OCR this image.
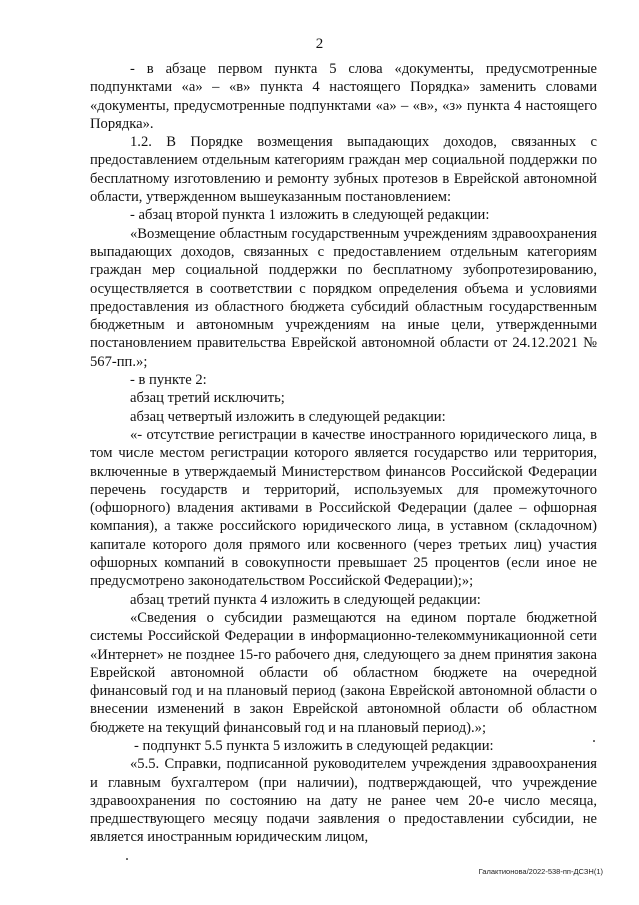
2

- в абзаце первом пункта 5 слова «документы, предусмотренные подпунктами «а» – «в» пункта 4 настоящего Порядка» заменить словами «документы, предусмотренные подпунктами «а» – «в», «з» пункта 4 настоящего Порядка».

1.2. В Порядке возмещения выпадающих доходов, связанных с предоставлением отдельным категориям граждан мер социальной поддержки по бесплатному изготовлению и ремонту зубных протезов в Еврейской автономной области, утвержденном вышеуказанным постановлением:

- абзац второй пункта 1 изложить в следующей редакции:

«Возмещение областным государственным учреждениям здравоохранения выпадающих доходов, связанных с предоставлением отдельным категориям граждан мер социальной поддержки по бесплатному зубопротезированию, осуществляется в соответствии с порядком определения объема и условиями предоставления из областного бюджета субсидий областным государственным бюджетным и автономным учреждениям на иные цели, утвержденными постановлением правительства Еврейской автономной области от 24.12.2021 № 567-пп.»;

- в пункте 2:

абзац третий исключить;

абзац четвертый изложить в следующей редакции:

«- отсутствие регистрации в качестве иностранного юридического лица, в том числе местом регистрации которого является государство или территория, включенные в утверждаемый Министерством финансов Российской Федерации перечень государств и территорий, используемых для промежуточного (офшорного) владения активами в Российской Федерации (далее – офшорная компания), а также российского юридического лица, в уставном (складочном) капитале которого доля прямого или косвенного (через третьих лиц) участия офшорных компаний в совокупности превышает 25 процентов (если иное не предусмотрено законодательством Российской Федерации);»;

абзац третий пункта 4 изложить в следующей редакции:

«Сведения о субсидии размещаются на едином портале бюджетной системы Российской Федерации в информационно-телекоммуникационной сети «Интернет» не позднее 15-го рабочего дня, следующего за днем принятия закона Еврейской автономной области об областном бюджете на очередной финансовый год и на плановый период (закона Еврейской автономной области о внесении изменений в закон Еврейской автономной области об областном бюджете на текущий финансовый год и на плановый период).»;

- подпункт 5.5 пункта 5 изложить в следующей редакции:

«5.5. Справки, подписанной руководителем учреждения здравоохранения и главным бухгалтером (при наличии), подтверждающей, что учреждение здравоохранения по состоянию на дату не ранее чем 20-е число месяца, предшествующего месяцу подачи заявления о предоставлении субсидии, не является иностранным юридическим лицом,

Галактионова/2022-538-пп-ДСЗН(1)
